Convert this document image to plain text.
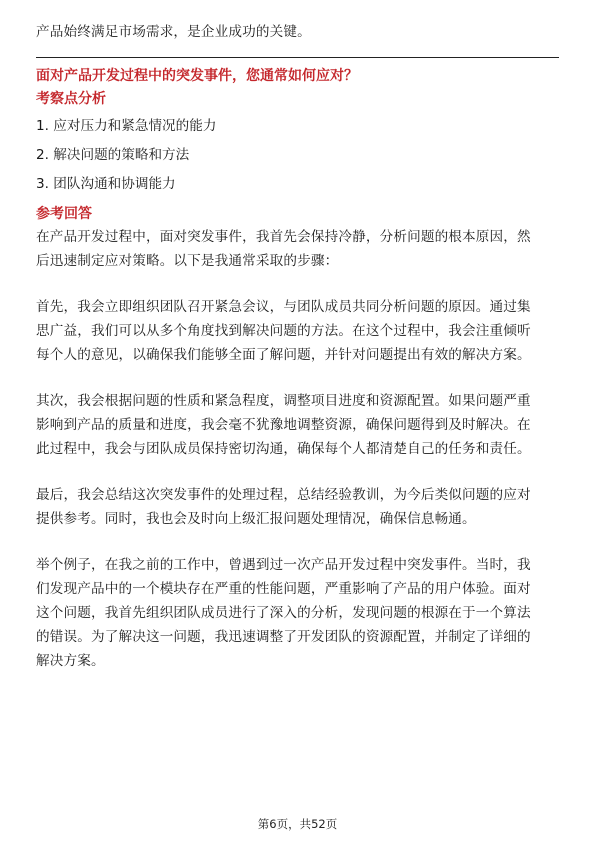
产品始终满足市场需求，是企业成功的关键。
面对产品开发过程中的突发事件，您通常如何应对？
考察点分析
1. 应对压力和紧急情况的能力
2. 解决问题的策略和方法
3. 团队沟通和协调能力
参考回答
在产品开发过程中，面对突发事件，我首先会保持冷静，分析问题的根本原因，然
后迅速制定应对策略。以下是我通常采取的步骤：
首先，我会立即组织团队召开紧急会议，与团队成员共同分析问题的原因。通过集
思广益，我们可以从多个角度找到解决问题的方法。在这个过程中，我会注重倾听
每个人的意见，以确保我们能够全面了解问题，并针对问题提出有效的解决方案。
其次，我会根据问题的性质和紧急程度，调整项目进度和资源配置。如果问题严重
影响到产品的质量和进度，我会毫不犹豫地调整资源，确保问题得到及时解决。在
此过程中，我会与团队成员保持密切沟通，确保每个人都清楚自己的任务和责任。
最后，我会总结这次突发事件的处理过程，总结经验教训，为今后类似问题的应对
提供参考。同时，我也会及时向上级汇报问题处理情况，确保信息畅通。
举个例子，在我之前的工作中，曾遇到过一次产品开发过程中突发事件。当时，我
们发现产品中的一个模块存在严重的性能问题，严重影响了产品的用户体验。面对
这个问题，我首先组织团队成员进行了深入的分析，发现问题的根源在于一个算法
的错误。为了解决这一问题，我迅速调整了开发团队的资源配置，并制定了详细的
解决方案。
第6页，共52页
